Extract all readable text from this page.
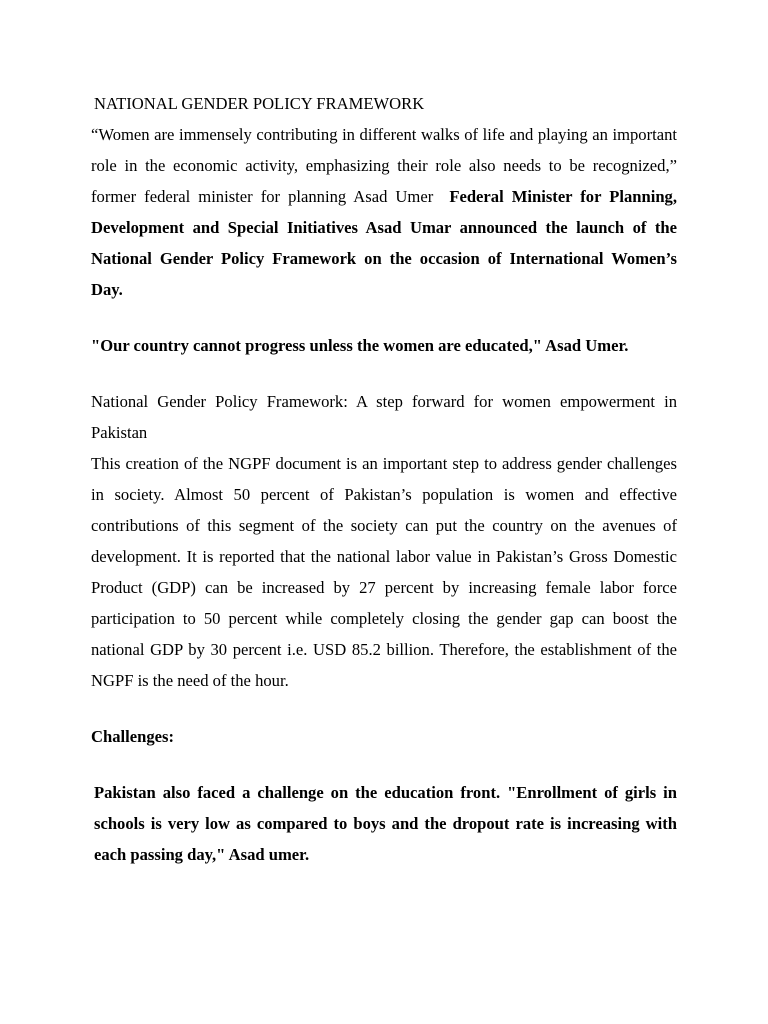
NATIONAL GENDER POLICY FRAMEWORK

“Women are immensely contributing in different walks of life and playing an important role in the economic activity, emphasizing their role also needs to be recognized,” former federal minister for planning Asad Umer Federal Minister for Planning, Development and Special Initiatives Asad Umar announced the launch of the National Gender Policy Framework on the occasion of International Women’s Day.

"Our country cannot progress unless the women are educated," Asad Umer.

National Gender Policy Framework: A step forward for women empowerment in Pakistan

This creation of the NGPF document is an important step to address gender challenges in society. Almost 50 percent of Pakistan’s population is women and effective contributions of this segment of the society can put the country on the avenues of development. It is reported that the national labor value in Pakistan’s Gross Domestic Product (GDP) can be increased by 27 percent by increasing female labor force participation to 50 percent while completely closing the gender gap can boost the national GDP by 30 percent i.e. USD 85.2 billion. Therefore, the establishment of the NGPF is the need of the hour.

Challenges:

Pakistan also faced a challenge on the education front. "Enrollment of girls in schools is very low as compared to boys and the dropout rate is increasing with each passing day," Asad umer.
